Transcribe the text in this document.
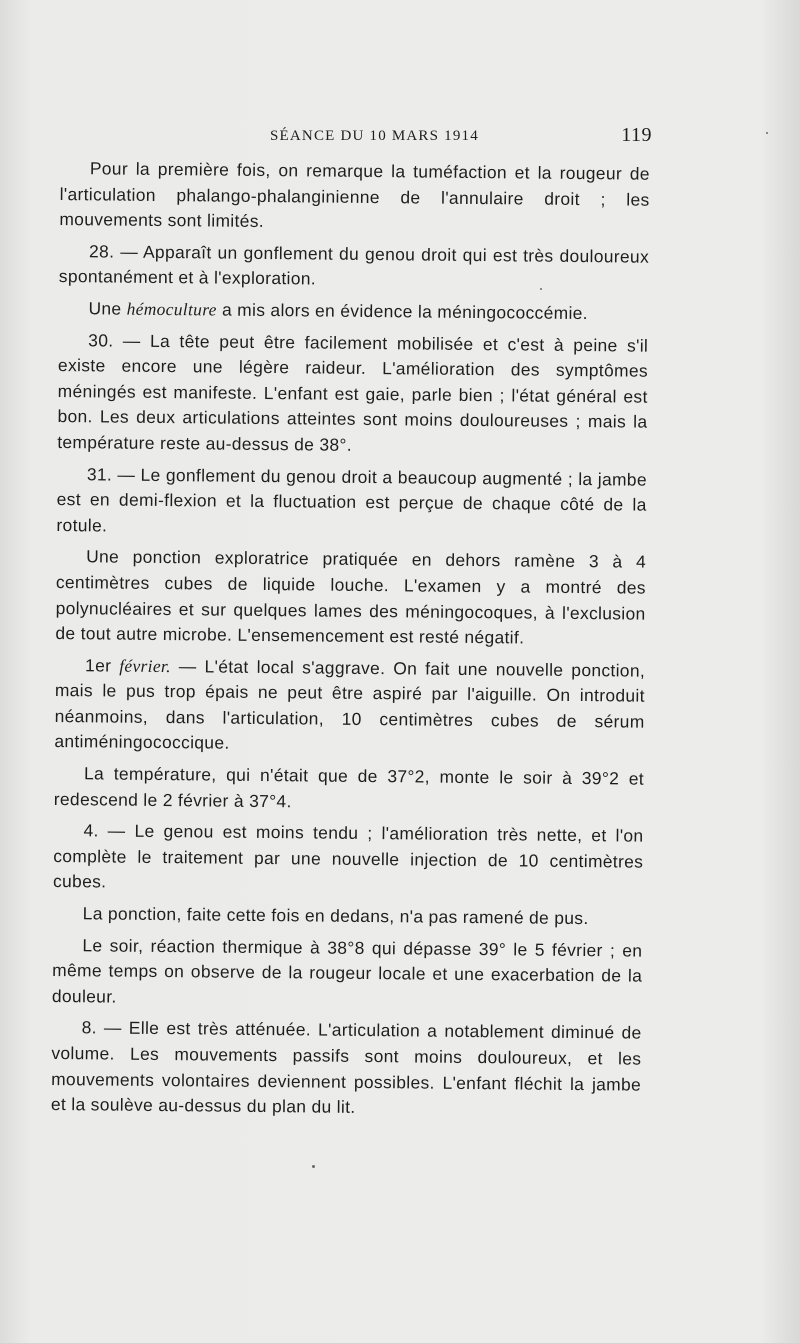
SÉANCE DU 10 MARS 1914	119

Pour la première fois, on remarque la tuméfaction et la rougeur de l'articulation phalango-phalanginienne de l'annulaire droit ; les mouvements sont limités.

28. — Apparaît un gonflement du genou droit qui est très douloureux spontanément et à l'exploration.

Une hémoculture a mis alors en évidence la méningococcémie.

30. — La tête peut être facilement mobilisée et c'est à peine s'il existe encore une légère raideur. L'amélioration des symptômes méningés est manifeste. L'enfant est gaie, parle bien ; l'état général est bon. Les deux articulations atteintes sont moins douloureuses ; mais la température reste au-dessus de 38°.

31. — Le gonflement du genou droit a beaucoup augmenté ; la jambe est en demi-flexion et la fluctuation est perçue de chaque côté de la rotule.

Une ponction exploratrice pratiquée en dehors ramène 3 à 4 centimètres cubes de liquide louche. L'examen y a montré des polynucléaires et sur quelques lames des méningocoques, à l'exclusion de tout autre microbe. L'ensemencement est resté négatif.

1er février. — L'état local s'aggrave. On fait une nouvelle ponction, mais le pus trop épais ne peut être aspiré par l'aiguille. On introduit néanmoins, dans l'articulation, 10 centimètres cubes de sérum antiméningococcique.

La température, qui n'était que de 37°2, monte le soir à 39°2 et redescend le 2 février à 37°4.

4. — Le genou est moins tendu ; l'amélioration très nette, et l'on complète le traitement par une nouvelle injection de 10 centimètres cubes.

La ponction, faite cette fois en dedans, n'a pas ramené de pus.

Le soir, réaction thermique à 38°8 qui dépasse 39° le 5 février ; en même temps on observe de la rougeur locale et une exacerbation de la douleur.

8. — Elle est très atténuée. L'articulation a notablement diminué de volume. Les mouvements passifs sont moins douloureux, et les mouvements volontaires deviennent possibles. L'enfant fléchit la jambe et la soulève au-dessus du plan du lit.
